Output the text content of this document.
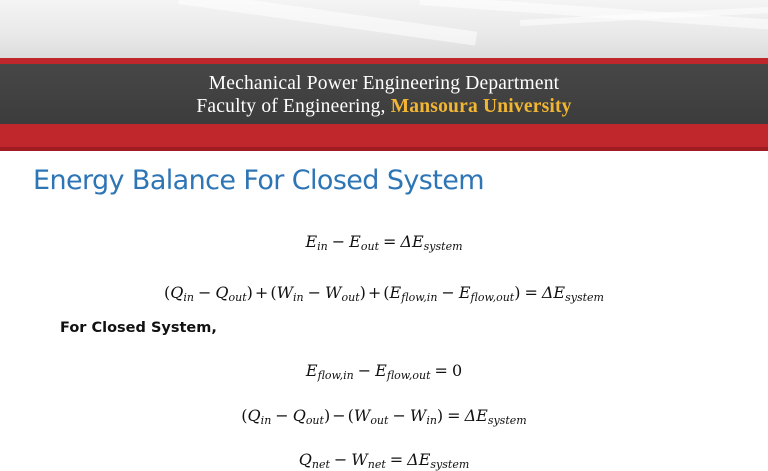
Mechanical Power Engineering Department
Faculty of Engineering, Mansoura University
Energy Balance For Closed System
$E_{in} - E_{out} = \Delta E_{system}$
$(Q_{in} - Q_{out}) + (W_{in} - W_{out}) + (E_{flow,in} - E_{flow,out}) = \Delta E_{system}$
For Closed System,
$E_{flow,in} - E_{flow,out} = 0$
$(Q_{in} - Q_{out}) - (W_{out} - W_{in}) = \Delta E_{system}$
$Q_{net} - W_{net} = \Delta E_{system}$
